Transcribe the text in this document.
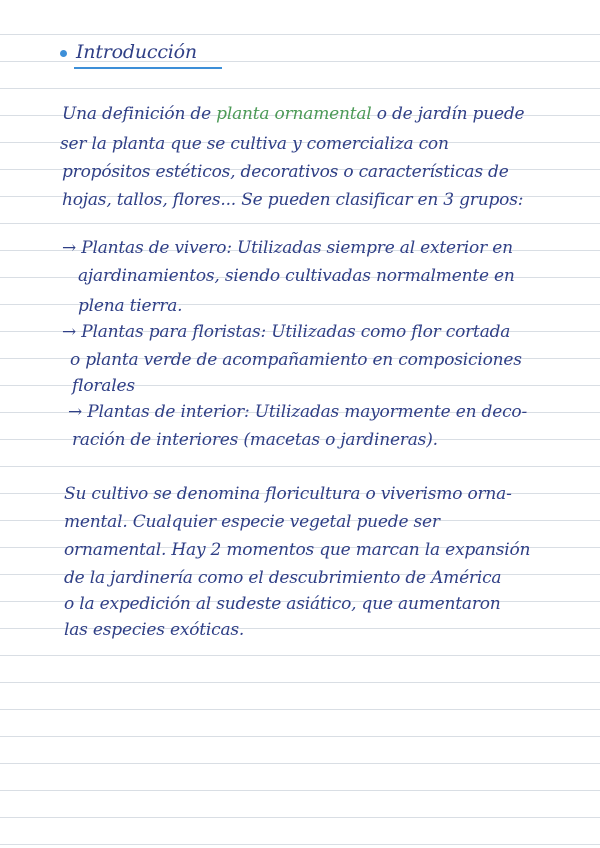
Introducción
Una definición de planta ornamental o de jardín puede
ser la planta que se cultiva y comercializa con
propósitos estéticos, decorativos o características de
hojas, tallos, flores... Se pueden clasificar en 3 grupos:
→ Plantas de vivero: Utilizadas siempre al exterior en
ajardinamientos, siendo cultivadas normalmente en
plena tierra.
→ Plantas para floristas: Utilizadas como flor cortada
o planta verde de acompañamiento en composiciones
florales
→ Plantas de interior: Utilizadas mayormente en deco-
ración de interiores (macetas o jardineras).
Su cultivo se denomina floricultura o viverismo orna-
mental. Cualquier especie vegetal puede ser
ornamental. Hay 2 momentos que marcan la expansión
de la jardinería como el descubrimiento de América
o la expedición al sudeste asiático, que aumentaron
las especies exóticas.
